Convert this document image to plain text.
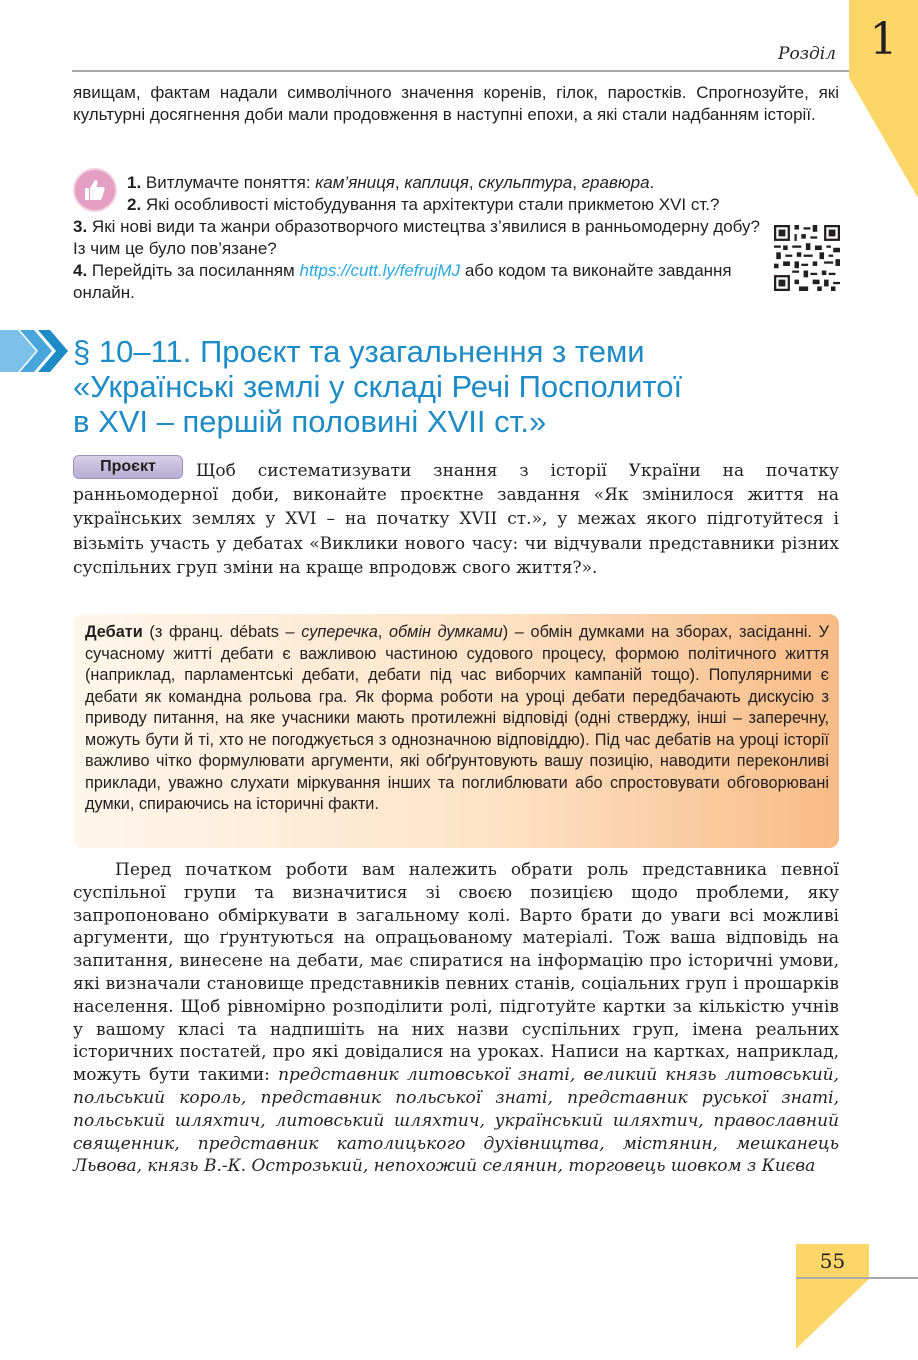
Розділ 1
явищам, фактам надали символічного значення коренів, гілок, паростків. Спрогнозуйте, які культурні досягнення доби мали продовження в наступні епохи, а які стали надбанням історії.
1. Витлумачте поняття: кам’яниця, каплиця, скульптура, гравюра.
2. Які особливості містобудування та архітектури стали прикметою XVI ст.?
3. Які нові види та жанри образотворчого мистецтва з’явилися в ранньомодерну добу? Із чим це було пов’язане?
4. Перейдіть за посиланням https://cutt.ly/fefrujMJ або кодом та виконайте завдання онлайн.
§ 10–11. Проєкт та узагальнення з теми
«Українські землі у складі Речі Посполитої
в XVI – першій половині XVII ст.»
Щоб систематизувати знання з історії України на початку ранньомодерної доби, виконайте проєктне завдання «Як змінилося життя на українських землях у XVI – на початку XVII ст.», у межах якого підготуйтеся і візьміть участь у дебатах «Виклики нового часу: чи відчували представники різних суспільних груп зміни на краще впродовж свого життя?».
Проєкт
Дебати (з франц. débats – суперечка, обмін думками) – обмін думками на зборах, засіданні. У сучасному житті дебати є важливою частиною судового процесу, формою політичного життя (наприклад, парламентські дебати, дебати під час виборчих кампаній тощо). Популярними є дебати як командна рольова гра. Як форма роботи на уроці дебати передбачають дискусію з приводу питання, на яке учасники мають протилежні відповіді (одні стверджу, інші – заперечну, можуть бути й ті, хто не погоджується з однозначною відповіддю). Під час дебатів на уроці історії важливо чітко формулювати аргументи, які обґрунтовують вашу позицію, наводити переконливі приклади, уважно слухати міркування інших та поглиблювати або спростовувати обговорювані думки, спираючись на історичні факти.
Перед початком роботи вам належить обрати роль представника певної суспільної групи та визначитися зі своєю позицією щодо проблеми, яку запропоновано обміркувати в загальному колі. Варто брати до уваги всі можливі аргументи, що ґрунтуються на опрацьованому матеріалі. Тож ваша відповідь на запитання, винесене на дебати, має спиратися на інформацію про історичні умови, які визначали становище представників певних станів, соціальних груп і прошарків населення. Щоб рівномірно розподілити ролі, підготуйте картки за кількістю учнів у вашому класі та надпишіть на них назви суспільних груп, імена реальних історичних постатей, про які довідалися на уроках. Написи на картках, наприклад, можуть бути такими: представник литовської знаті, великий князь литовський, польський король, представник польської знаті, представник руської знаті, польський шляхтич, литовський шляхтич, український шляхтич, православний священник, представник католицького духівництва, містянин, мешканець Львова, князь В.-К. Острозький, непохожий селянин, торговець шовком з Києва
55
